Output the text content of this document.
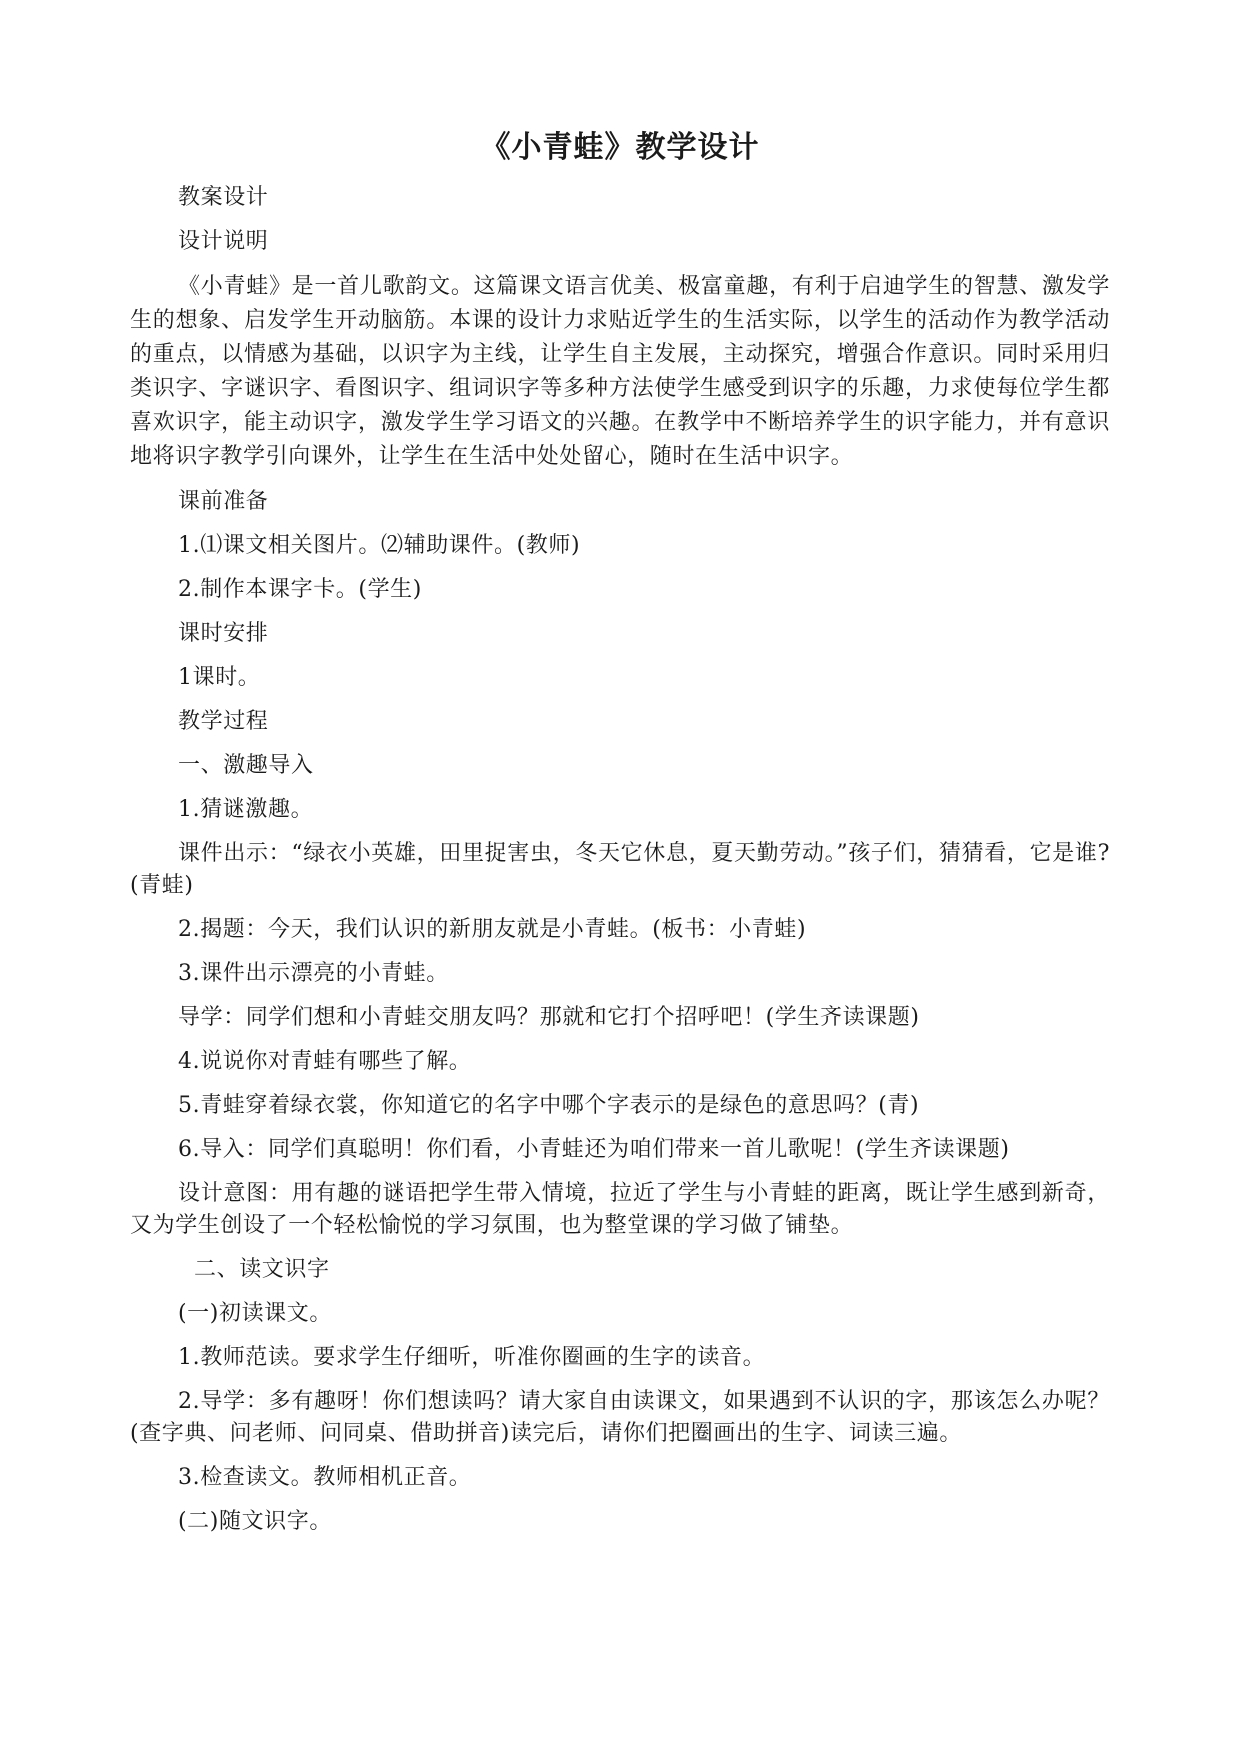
《小青蛙》教学设计
教案设计
设计说明
《小青蛙》是一首儿歌韵文。这篇课文语言优美、极富童趣，有利于启迪学生的智慧、激发学生的想象、启发学生开动脑筋。本课的设计力求贴近学生的生活实际，以学生的活动作为教学活动的重点，以情感为基础，以识字为主线，让学生自主发展，主动探究，增强合作意识。同时采用归类识字、字谜识字、看图识字、组词识字等多种方法使学生感受到识字的乐趣，力求使每位学生都喜欢识字，能主动识字，激发学生学习语文的兴趣。在教学中不断培养学生的识字能力，并有意识地将识字教学引向课外，让学生在生活中处处留心，随时在生活中识字。
课前准备
1.⑴课文相关图片。⑵辅助课件。(教师)
2.制作本课字卡。(学生)
课时安排
1课时。
教学过程
一、激趣导入
1.猜谜激趣。
课件出示：“绿衣小英雄，田里捉害虫，冬天它休息，夏天勤劳动。”孩子们，猜猜看，它是谁?(青蛙)
2.揭题：今天，我们认识的新朋友就是小青蛙。(板书：小青蛙)
3.课件出示漂亮的小青蛙。
导学：同学们想和小青蛙交朋友吗？那就和它打个招呼吧！(学生齐读课题)
4.说说你对青蛙有哪些了解。
5.青蛙穿着绿衣裳，你知道它的名字中哪个字表示的是绿色的意思吗？(青)
6.导入：同学们真聪明！你们看，小青蛙还为咱们带来一首儿歌呢！(学生齐读课题)
设计意图：用有趣的谜语把学生带入情境，拉近了学生与小青蛙的距离，既让学生感到新奇，又为学生创设了一个轻松愉悦的学习氛围，也为整堂课的学习做了铺垫。
二、读文识字
(一)初读课文。
1.教师范读。要求学生仔细听，听准你圈画的生字的读音。
2.导学：多有趣呀！你们想读吗？请大家自由读课文，如果遇到不认识的字，那该怎么办呢？(查字典、问老师、问同桌、借助拼音)读完后，请你们把圈画出的生字、词读三遍。
3.检查读文。教师相机正音。
(二)随文识字。
